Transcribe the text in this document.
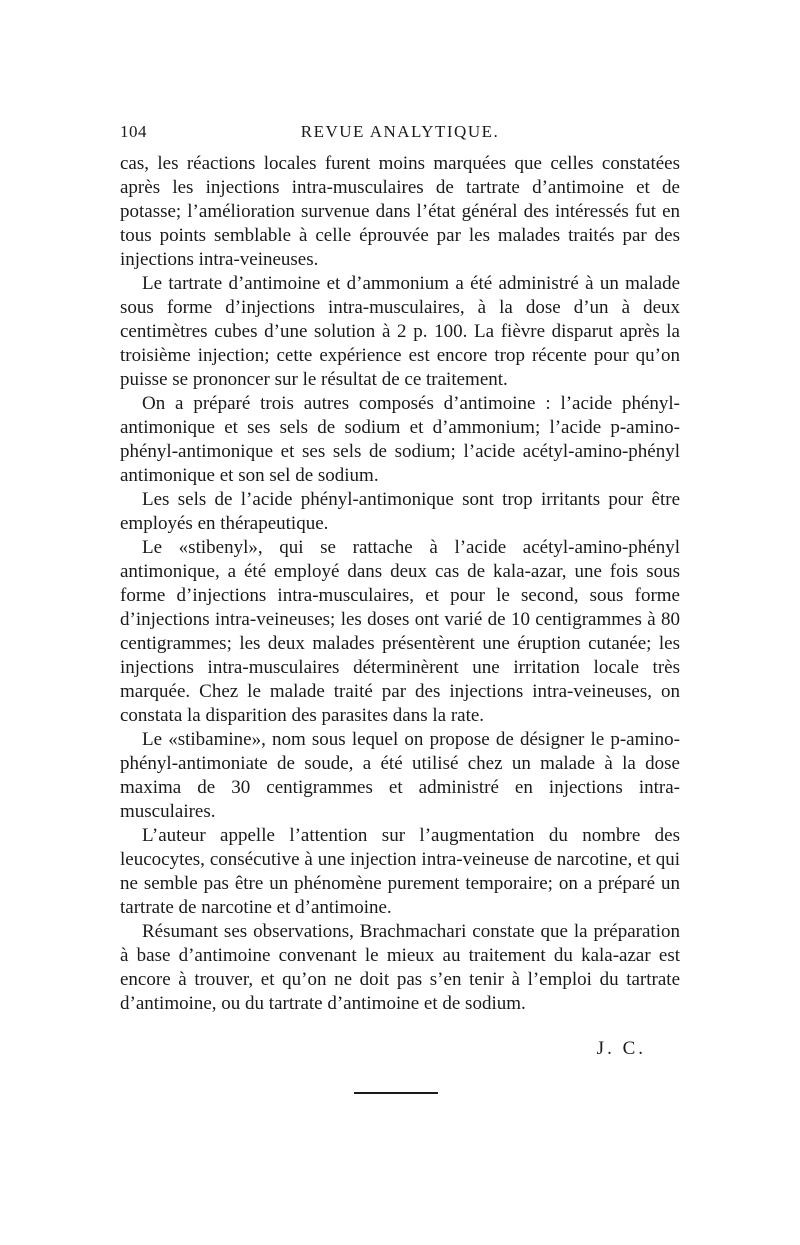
104	REVUE ANALYTIQUE.

cas, les réactions locales furent moins marquées que celles constatées après les injections intra-musculaires de tartrate d’antimoine et de potasse; l’amélioration survenue dans l’état général des intéressés fut en tous points semblable à celle éprouvée par les malades traités par des injections intra-veineuses.

Le tartrate d’antimoine et d’ammonium a été administré à un malade sous forme d’injections intra-musculaires, à la dose d’un à deux centimètres cubes d’une solution à 2 p. 100. La fièvre disparut après la troisième injection; cette expérience est encore trop récente pour qu’on puisse se prononcer sur le résultat de ce traitement.

On a préparé trois autres composés d’antimoine : l’acide phényl-antimonique et ses sels de sodium et d’ammonium; l’acide p-amino-phényl-antimonique et ses sels de sodium; l’acide acétyl-amino-phényl antimonique et son sel de sodium.

Les sels de l’acide phényl-antimonique sont trop irritants pour être employés en thérapeutique.

Le «stibenyl», qui se rattache à l’acide acétyl-amino-phényl antimonique, a été employé dans deux cas de kala-azar, une fois sous forme d’injections intra-musculaires, et pour le second, sous forme d’injections intra-veineuses; les doses ont varié de 10 centigrammes à 80 centigrammes; les deux malades présentèrent une éruption cutanée; les injections intra-musculaires déterminèrent une irritation locale très marquée. Chez le malade traité par des injections intra-veineuses, on constata la disparition des parasites dans la rate.

Le «stibamine», nom sous lequel on propose de désigner le p-amino-phényl-antimoniate de soude, a été utilisé chez un malade à la dose maxima de 30 centigrammes et administré en injections intra-musculaires.

L’auteur appelle l’attention sur l’augmentation du nombre des leucocytes, consécutive à une injection intra-veineuse de narcotine, et qui ne semble pas être un phénomène purement temporaire; on a préparé un tartrate de narcotine et d’antimoine.

Résumant ses observations, Brachmachari constate que la préparation à base d’antimoine convenant le mieux au traitement du kala-azar est encore à trouver, et qu’on ne doit pas s’en tenir à l’emploi du tartrate d’antimoine, ou du tartrate d’antimoine et de sodium.

J. C.
